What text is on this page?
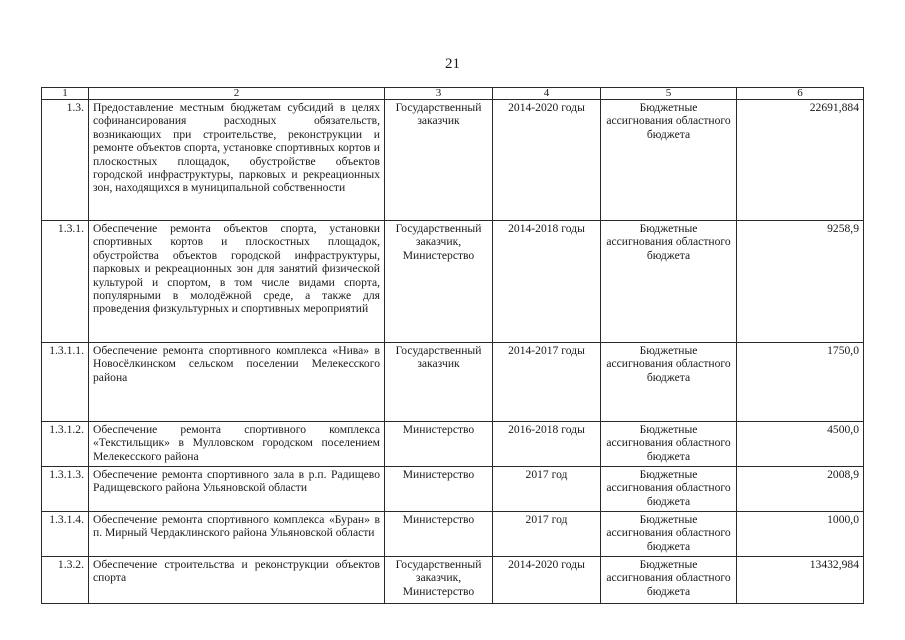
21
1	2	3	4	5	6
1.3.	Предоставление местным бюджетам субсидий в целях софинансирования расходных обязательств, возникающих при строительстве, реконструкции и ремонте объектов спорта, установке спортивных кортов и плоскостных площадок, обустройстве объектов городской инфраструктуры, парковых и рекреационных зон, находящихся в муниципальной собственности	Государственный заказчик	2014-2020 годы	Бюджетные ассигнования областного бюджета	22691,884
1.3.1.	Обеспечение ремонта объектов спорта, установки спортивных кортов и плоскостных площадок, обустройства объектов городской инфраструктуры, парковых и рекреационных зон для занятий физической культурой и спортом, в том числе видами спорта, популярными в молодёжной среде, а также для проведения физкультурных и спортивных мероприятий	Государственный заказчик, Министерство	2014-2018 годы	Бюджетные ассигнования областного бюджета	9258,9
1.3.1.1.	Обеспечение ремонта спортивного комплекса «Нива» в Новосёлкинском сельском поселении Мелекесского района	Государственный заказчик	2014-2017 годы	Бюджетные ассигнования областного бюджета	1750,0
1.3.1.2.	Обеспечение ремонта спортивного комплекса «Текстильщик» в Мулловском городском поселением Мелекесского района	Министерство	2016-2018 годы	Бюджетные ассигнования областного бюджета	4500,0
1.3.1.3.	Обеспечение ремонта спортивного зала в р.п. Радищево Радищевского района Ульяновской области	Министерство	2017 год	Бюджетные ассигнования областного бюджета	2008,9
1.3.1.4.	Обеспечение ремонта спортивного комплекса «Буран» в п. Мирный Чердаклинского района Ульяновской области	Министерство	2017 год	Бюджетные ассигнования областного бюджета	1000,0
1.3.2.	Обеспечение строительства и реконструкции объектов спорта	Государственный заказчик, Министерство	2014-2020 годы	Бюджетные ассигнования областного бюджета	13432,984
